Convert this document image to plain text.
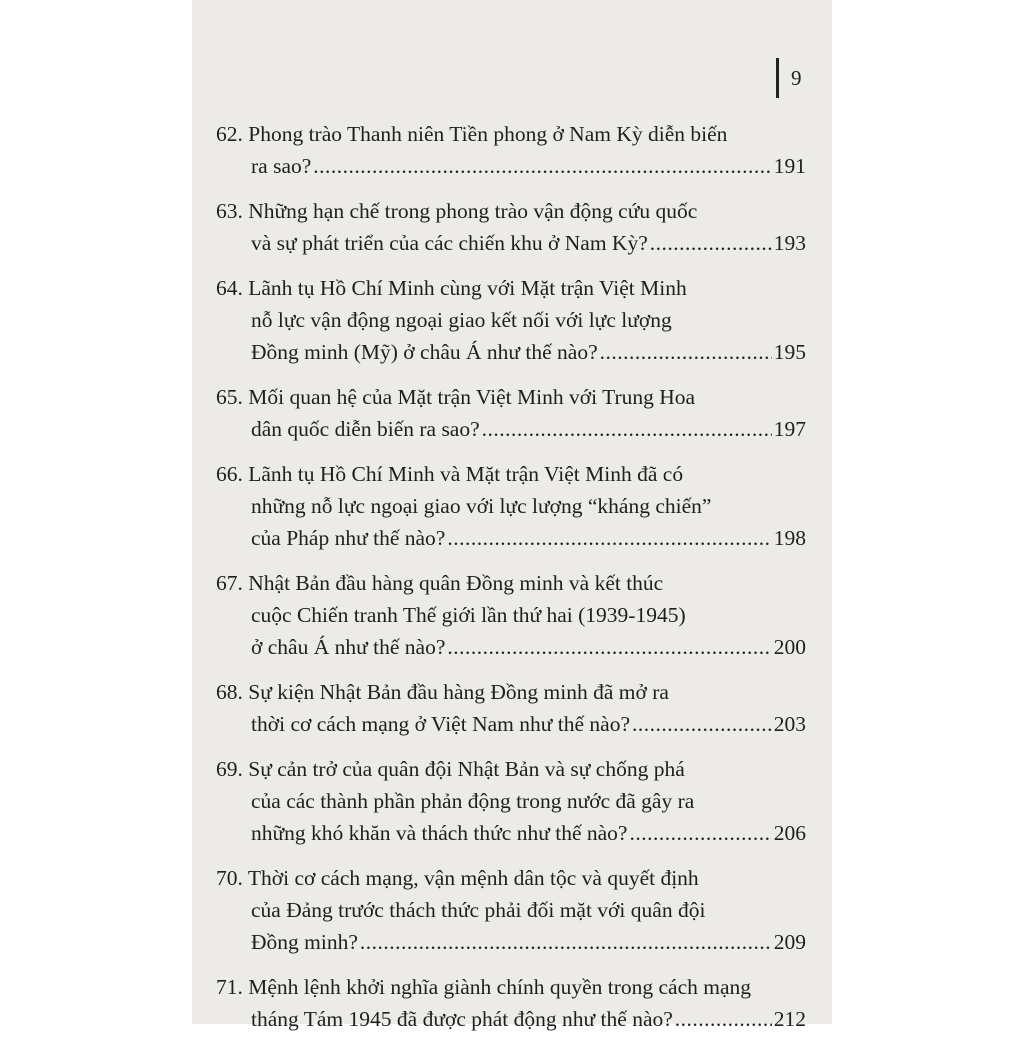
9
62. Phong trào Thanh niên Tiền phong ở Nam Kỳ diễn biến
ra sao? .....	191
63. Những hạn chế trong phong trào vận động cứu quốc
và sự phát triển của các chiến khu ở Nam Kỳ? .....	193
64. Lãnh tụ Hồ Chí Minh cùng với Mặt trận Việt Minh
nỗ lực vận động ngoại giao kết nối với lực lượng
Đồng minh (Mỹ) ở châu Á như thế nào? .....	195
65. Mối quan hệ của Mặt trận Việt Minh với Trung Hoa
dân quốc diễn biến ra sao? .....	197
66. Lãnh tụ Hồ Chí Minh và Mặt trận Việt Minh đã có
những nỗ lực ngoại giao với lực lượng “kháng chiến”
của Pháp như thế nào? .....	198
67. Nhật Bản đầu hàng quân Đồng minh và kết thúc
cuộc Chiến tranh Thế giới lần thứ hai (1939-1945)
ở châu Á như thế nào? .....	200
68. Sự kiện Nhật Bản đầu hàng Đồng minh đã mở ra
thời cơ cách mạng ở Việt Nam như thế nào? .....	203
69. Sự cản trở của quân đội Nhật Bản và sự chống phá
của các thành phần phản động trong nước đã gây ra
những khó khăn và thách thức như thế nào? .....	206
70. Thời cơ cách mạng, vận mệnh dân tộc và quyết định
của Đảng trước thách thức phải đối mặt với quân đội
Đồng minh? .....	209
71. Mệnh lệnh khởi nghĩa giành chính quyền trong cách mạng
tháng Tám 1945 đã được phát động như thế nào? .....	212
